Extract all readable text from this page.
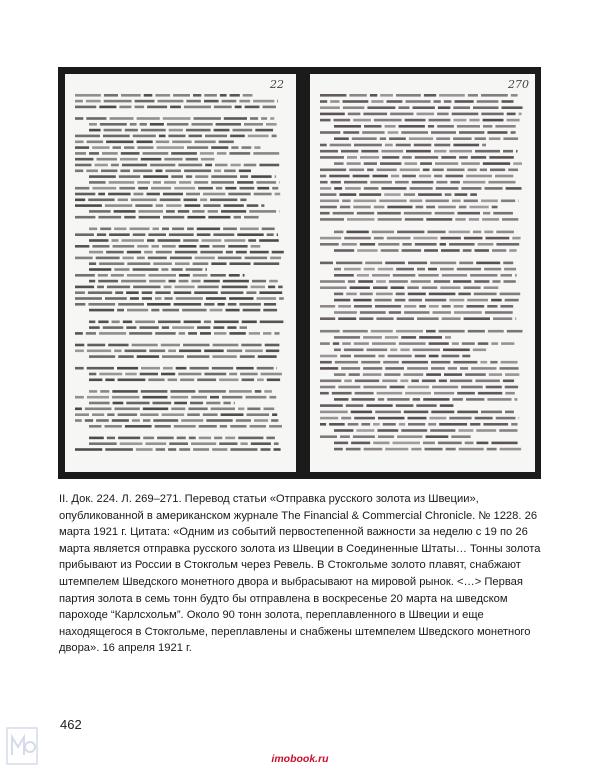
22	270

II. Док. 224. Л. 269–271. Перевод статьи «Отправка русского золота из Швеции», опубликованной в американском журнале The Financial & Commercial Chronicle. № 1228. 26 марта 1921 г. Цитата: «Одним из событий первостепенной важности за неделю с 19 по 26 марта является отправка русского золота из Швеции в Соединенные Штаты… Тонны золота прибывают из России в Стокгольм через Ревель. В Стокгольме золото плавят, снабжают штемпелем Шведского монетного двора и выбрасывают на мировой рынок. <…> Первая партия золота в семь тонн будто бы отправлена в воскресенье 20 марта на шведском пароходе “Карлсхольм”. Около 90 тонн золота, переплавленного в Швеции и еще находящегося в Стокгольме, переплавлены и снабжены штемпелем Шведского монетного двора». 16 апреля 1921 г.

462
imobook.ru
